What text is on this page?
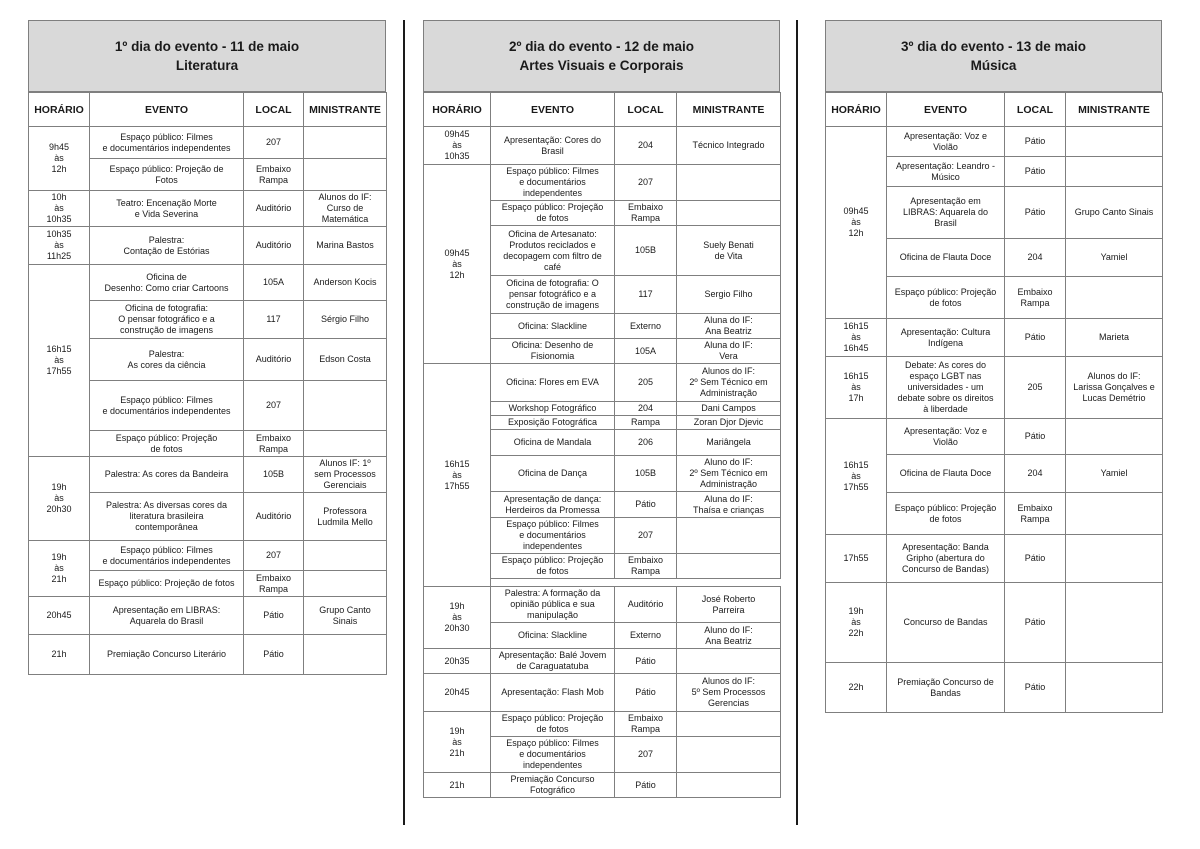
1º dia do evento - 11 de maio
Literatura
HORÁRIO	EVENTO	LOCAL	MINISTRANTE
9h45
às
12h	Espaço público: Filmes
e documentários independentes	207	
	Espaço público: Projeção de
Fotos	Embaixo
Rampa	
10h
às
10h35	Teatro: Encenação Morte
e Vida Severina	Auditório	Alunos do IF:
Curso de
Matemática
10h35
às
11h25	Palestra:
Contação de Estórias	Auditório	Marina Bastos
16h15
às
17h55	Oficina de
Desenho: Como criar Cartoons	105A	Anderson Kocis
	Oficina de fotografia:
O pensar fotográfico e a
construção de imagens	117	Sérgio Filho
	Palestra:
As cores da ciência	Auditório	Edson Costa
	Espaço público: Filmes
e documentários independentes	207	
	Espaço público: Projeção
de fotos	Embaixo
Rampa	
19h
às
20h30	Palestra: As cores da Bandeira	105B	Alunos IF: 1º
sem Processos
Gerenciais
	Palestra: As diversas cores da
literatura brasileira
contemporânea	Auditório	Professora
Ludmila Mello
19h
às
21h	Espaço público: Filmes
e documentários independentes	207	
	Espaço público: Projeção de fotos	Embaixo
Rampa	
20h45	Apresentação em LIBRAS:
Aquarela do Brasil	Pátio	Grupo Canto
Sinais
21h	Premiação Concurso Literário	Pátio	
2º dia do evento - 12 de maio
Artes Visuais e Corporais
HORÁRIO	EVENTO	LOCAL	MINISTRANTE
09h45
às
10h35	Apresentação: Cores do
Brasil	204	Técnico Integrado
09h45
às
12h	Espaço público: Filmes
e documentários
independentes	207	
	Espaço público: Projeção
de fotos	Embaixo
Rampa	
	Oficina de Artesanato:
Produtos reciclados e
decopagem com filtro de
café	105B	Suely Benati
de Vita
	Oficina de fotografia: O
pensar fotográfico e a
construção de imagens	117	Sergio Filho
	Oficina: Slackline	Externo	Aluna do IF:
Ana Beatriz
	Oficina: Desenho de
Fisionomia	105A	Aluna do IF:
Vera
16h15
às
17h55	Oficina: Flores em EVA	205	Alunos do IF:
2º Sem Técnico em
Administração
	Workshop Fotográfico	204	Dani Campos
	Exposição Fotográfica	Rampa	Zoran Djor Djevic
	Oficina de Mandala	206	Mariângela
	Oficina de Dança	105B	Aluno do IF:
2º Sem Técnico em
Administração
	Apresentação de dança:
Herdeiros da Promessa	Pátio	Aluna do IF:
Thaísa e crianças
	Espaço público: Filmes
e documentários
independentes	207	
	Espaço público: Projeção
de fotos	Embaixo
Rampa	

19h
às
20h30	Palestra: A formação da
opinião pública e sua
manipulação	Auditório	José Roberto
Parreira
	Oficina: Slackline	Externo	Aluno do IF:
Ana Beatriz
20h35	Apresentação: Balé Jovem
de Caraguatatuba	Pátio	
20h45	Apresentação: Flash Mob	Pátio	Alunos do IF:
5º Sem Processos
Gerencias
19h
às
21h	Espaço público: Projeção
de fotos	Embaixo
Rampa	
	Espaço público: Filmes
e documentários
independentes	207	
21h	Premiação Concurso
Fotográfico	Pátio	
3º dia do evento - 13 de maio
Música
HORÁRIO	EVENTO	LOCAL	MINISTRANTE
09h45
às
12h	Apresentação: Voz e
Violão	Pátio	
	Apresentação: Leandro -
Músico	Pátio	
	Apresentação em
LIBRAS: Aquarela do
Brasil	Pátio	Grupo Canto Sinais
	Oficina de Flauta Doce	204	Yamiel
	Espaço público: Projeção
de fotos	Embaixo
Rampa	
16h15
às
16h45	Apresentação: Cultura
Indígena	Pátio	Marieta
16h15
às
17h	Debate: As cores do
espaço LGBT nas
universidades - um
debate sobre os direitos
à liberdade	205	Alunos do IF:
Larissa Gonçalves e
Lucas Demétrio
16h15
às
17h55	Apresentação: Voz e
Violão	Pátio	
	Oficina de Flauta Doce	204	Yamiel
	Espaço público: Projeção
de fotos	Embaixo
Rampa	
17h55	Apresentação: Banda
Gripho (abertura do
Concurso de Bandas)	Pátio	
19h
às
22h	Concurso de Bandas	Pátio	
22h	Premiação Concurso de
Bandas	Pátio	
